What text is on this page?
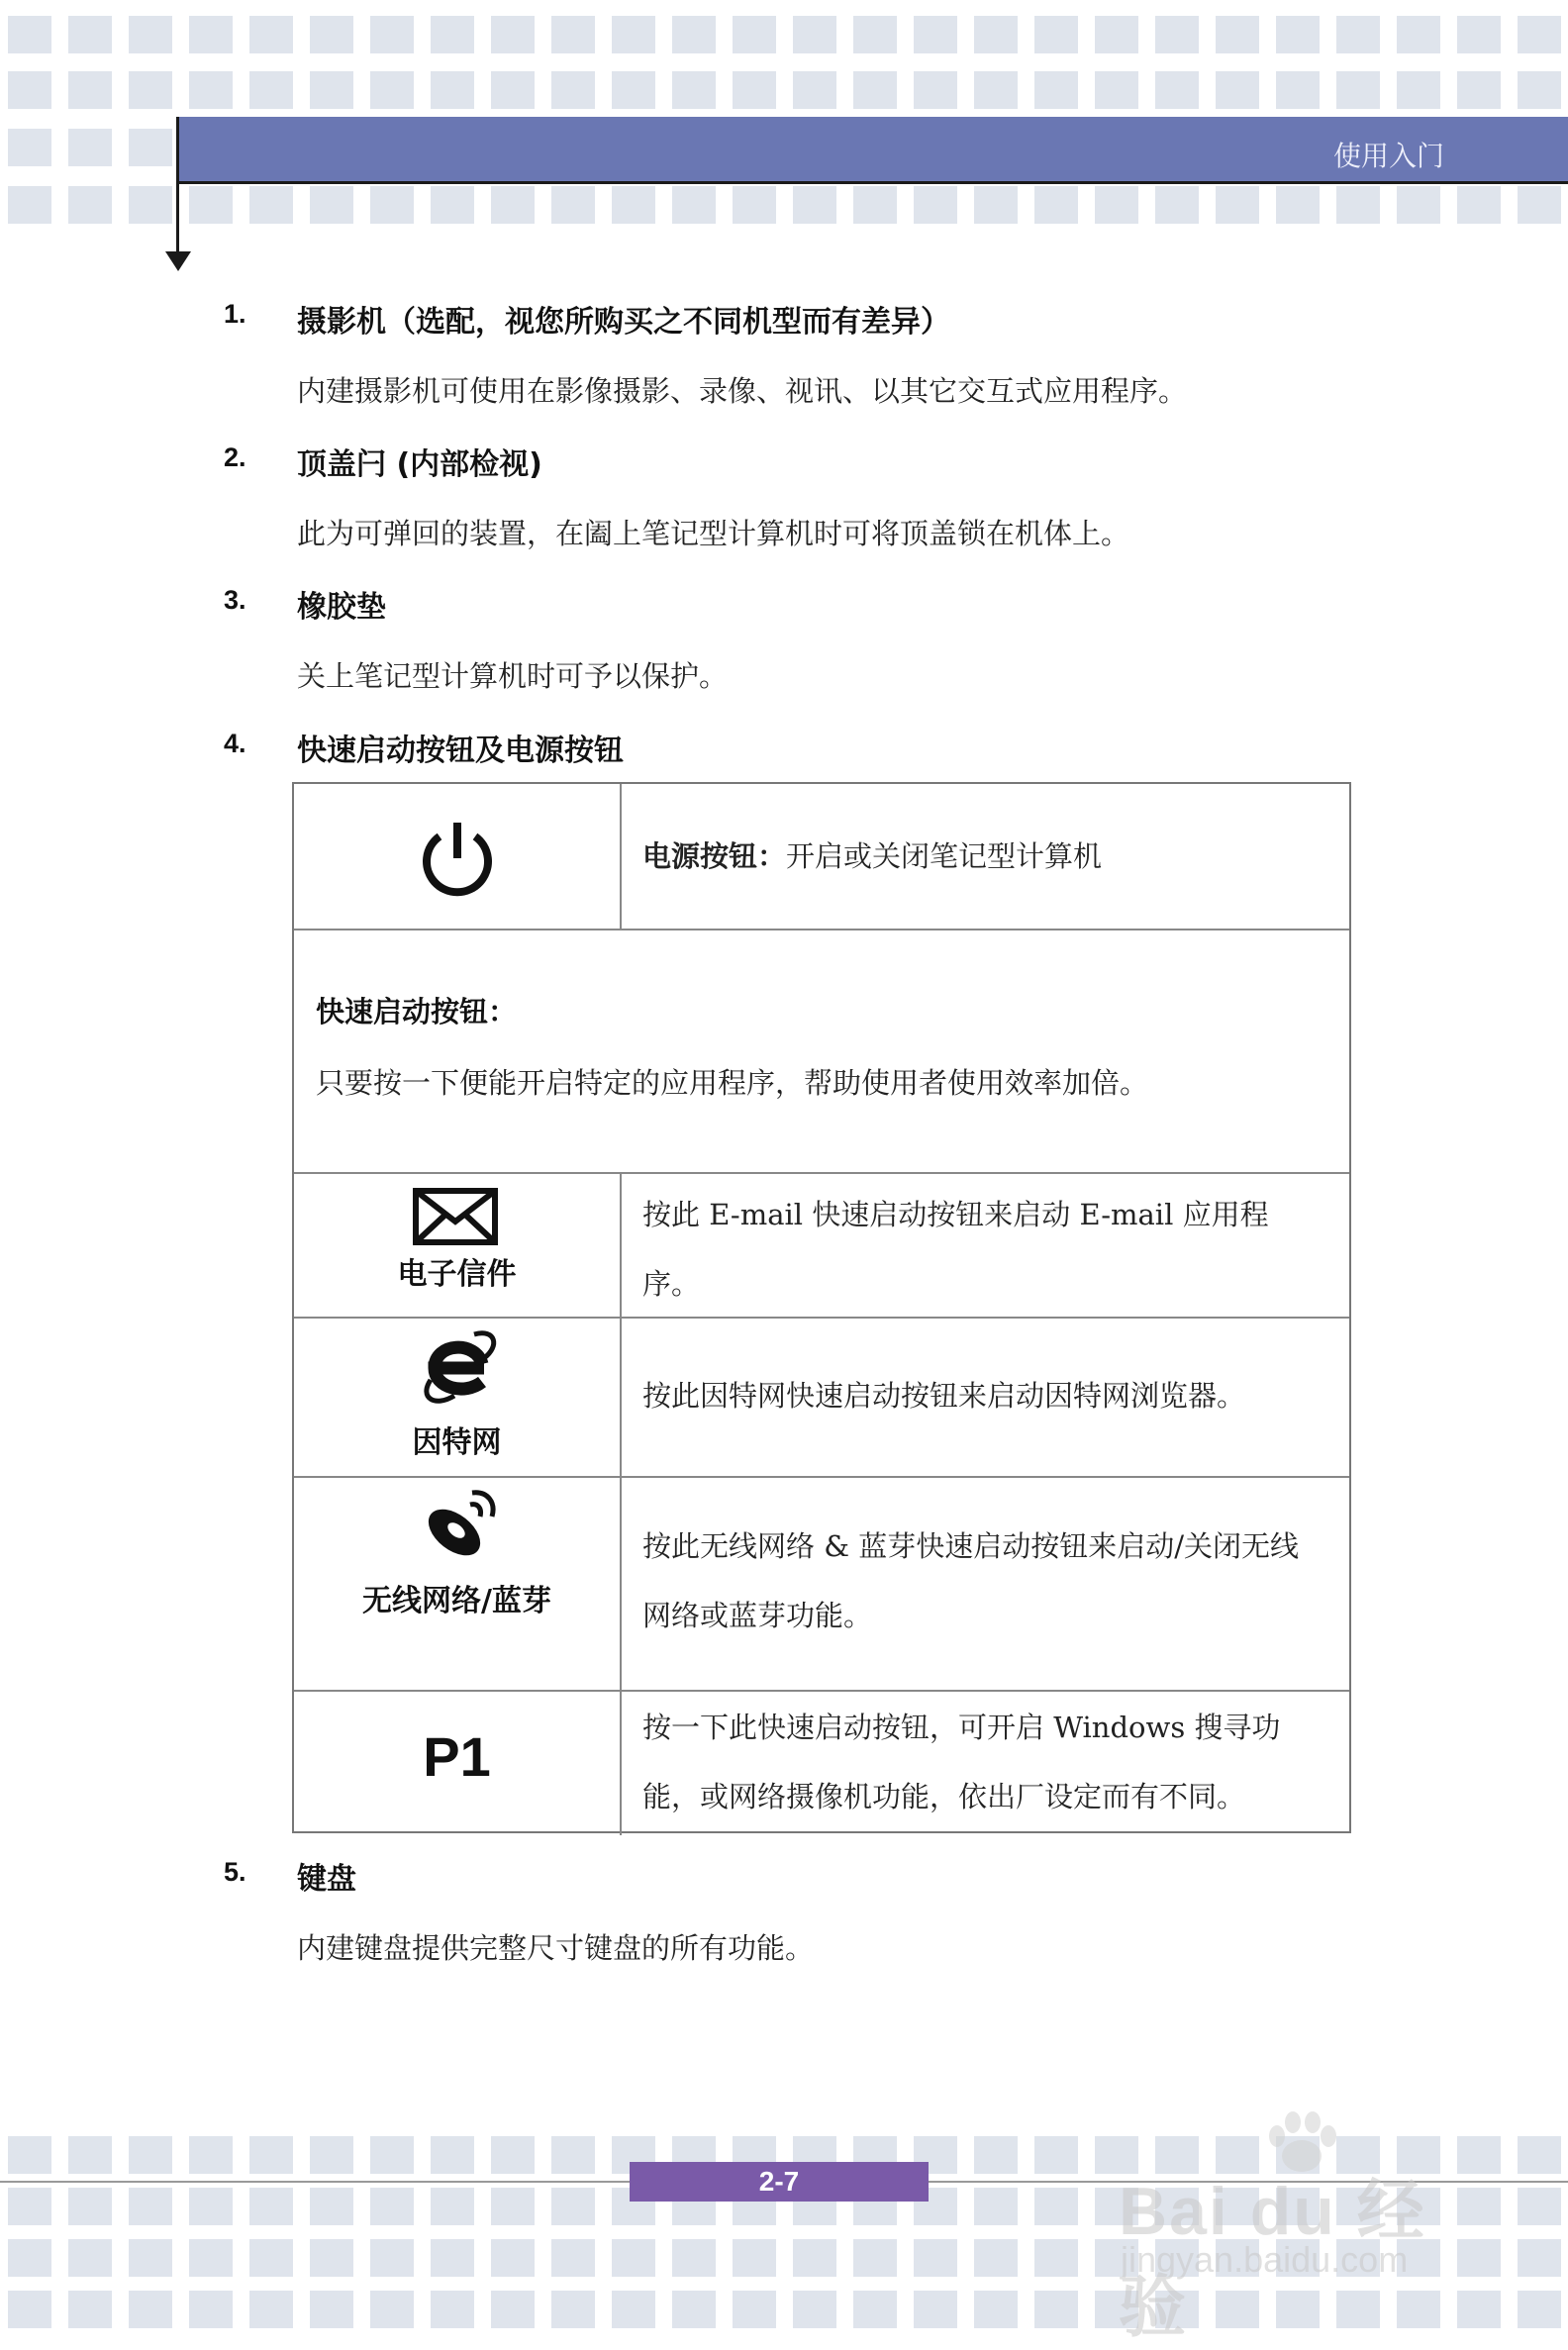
使用入门
1. 摄影机（选配，视您所购买之不同机型而有差异）
内建摄影机可使用在影像摄影、录像、视讯、以其它交互式应用程序。
2. 顶盖闩 (内部检视)
此为可弹回的装置，在阖上笔记型计算机时可将顶盖锁在机体上。
3. 橡胶垫
关上笔记型计算机时可予以保护。
4. 快速启动按钮及电源按钮
电源按钮：开启或关闭笔记型计算机
快速启动按钮：
只要按一下便能开启特定的应用程序，帮助使用者使用效率加倍。
电子信件
按此 E-mail 快速启动按钮来启动 E-mail 应用程序。
因特网
按此因特网快速启动按钮来启动因特网浏览器。
无线网络/蓝芽
按此无线网络 & 蓝芽快速启动按钮来启动/关闭无线网络或蓝芽功能。
P1	按一下此快速启动按钮，可开启 Windows 搜寻功能，或网络摄像机功能，依出厂设定而有不同。
5. 键盘
内建键盘提供完整尺寸键盘的所有功能。
2-7	Bai du 经验
jingyan.baidu.com
